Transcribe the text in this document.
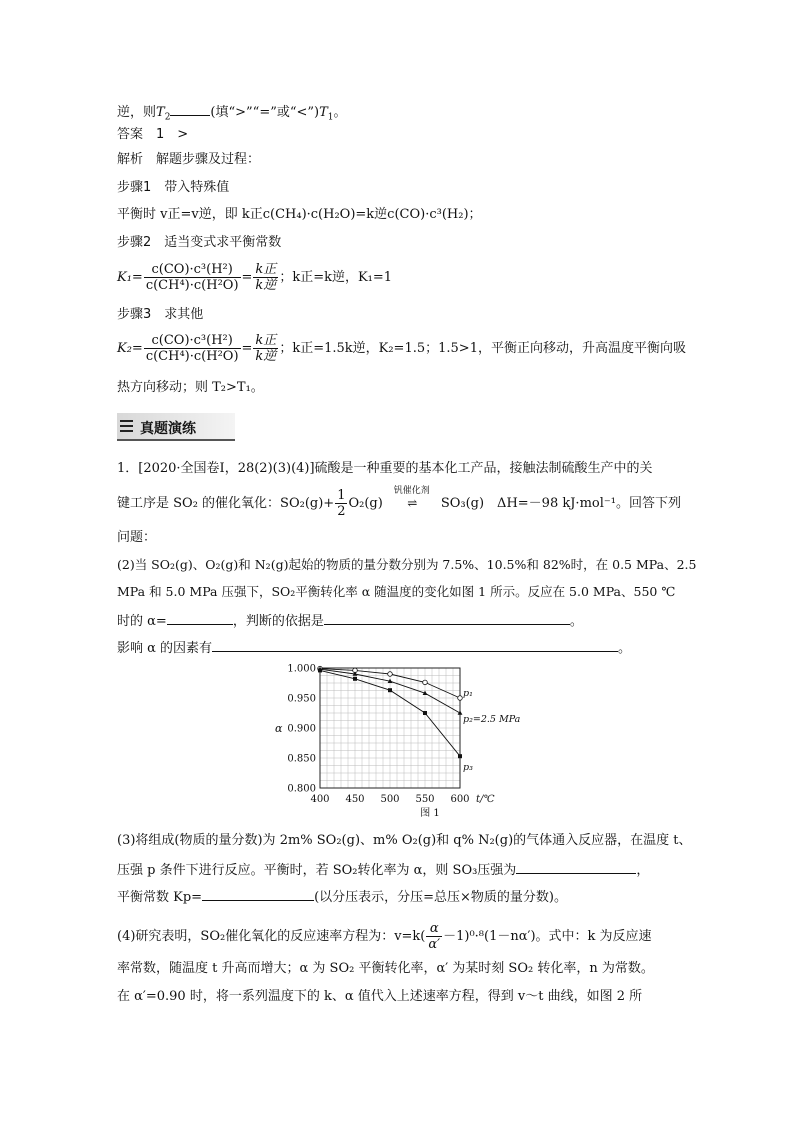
逆，则$T_2$	(填“>”“=”或“$<”)T_1$。
答案　 1　>
解析　 解题步骤及过程：
步骤1　带入特殊值
平衡时 v正=v逆，即 k正c(CH₄)·c(H₂O)=k逆c(CO)·c³(H₂)；
步骤2　适当变式求平衡常数
$K_1= \frac{\text{c(CO)·c³(H²)}}{\text{c(CH⁴)·c(H²O)}} = \frac{\text{k正}}{\text{k逆}}$ ；k正=k逆，K₁=1
步骤3　求其他
$K_2= \frac{\text{c(CO)·c³(H²)}}{\text{c(CH⁴)·c(H²O)}} = \frac{\text{k正}}{\text{k逆}}$ ；k正=1.5k逆，K₂=1.5；1.5>1，平衡正向移动，升高温度平衡向吸
热方向移动；则 T₂>T₁。
真题演练
1．[2020·全国卷Ⅰ，28(2)(3)(4)]硫酸是一种重要的基本化工产品，接触法制硫酸生产中的关
键工序是 SO₂ 的催化氧化：$SO_2(g)+ \frac{1}{2} O_2(g)$
钒催化剂
⇌ SO₃(g)　ΔH=－98 kJ·mol⁻¹。回答下列
问题：
(2)当 SO₂(g)、O₂(g)和 N₂(g)起始的物质的量分数分别为 7.5%、10.5%和 82%时，在 0.5 MPa、2.5
MPa 和 5.0 MPa 压强下，SO₂平衡转化率 α 随温度的变化如图 1 所示。反应在 5.0 MPa、550 ℃
时的 α=	，判断的依据是	。
影响 α 的因素有	。
400 450 500 550 600
1.000
0.950
0.900
0.850
0.800
α
t/℃
图 1
p₁
p₂=2.5 MPa
p₃
(3)将组成(物质的量分数)为 2m% SO₂(g)、m% O₂(g)和 q% N₂(g)的气体通入反应器，在温度 t、
压强 p 条件下进行反应。平衡时，若 SO₂转化率为 α，则 SO₃压强为	，
平衡常数 Kp=	(以分压表示，分压=总压×物质的量分数)。
(4)研究表明，SO₂催化氧化的反应速率方程为：$v=k( \frac{\alpha}{\alpha'} -1)^0\cdot^8(1-n\alpha')$。式中：k 为反应速
率常数，随温度 t 升高而增大；α 为 SO₂ 平衡转化率，α′ 为某时刻 SO₂ 转化率，n 为常数。
在 α′=0.90 时，将一系列温度下的 k、α 值代入上述速率方程，得到 v～t 曲线，如图 2 所
